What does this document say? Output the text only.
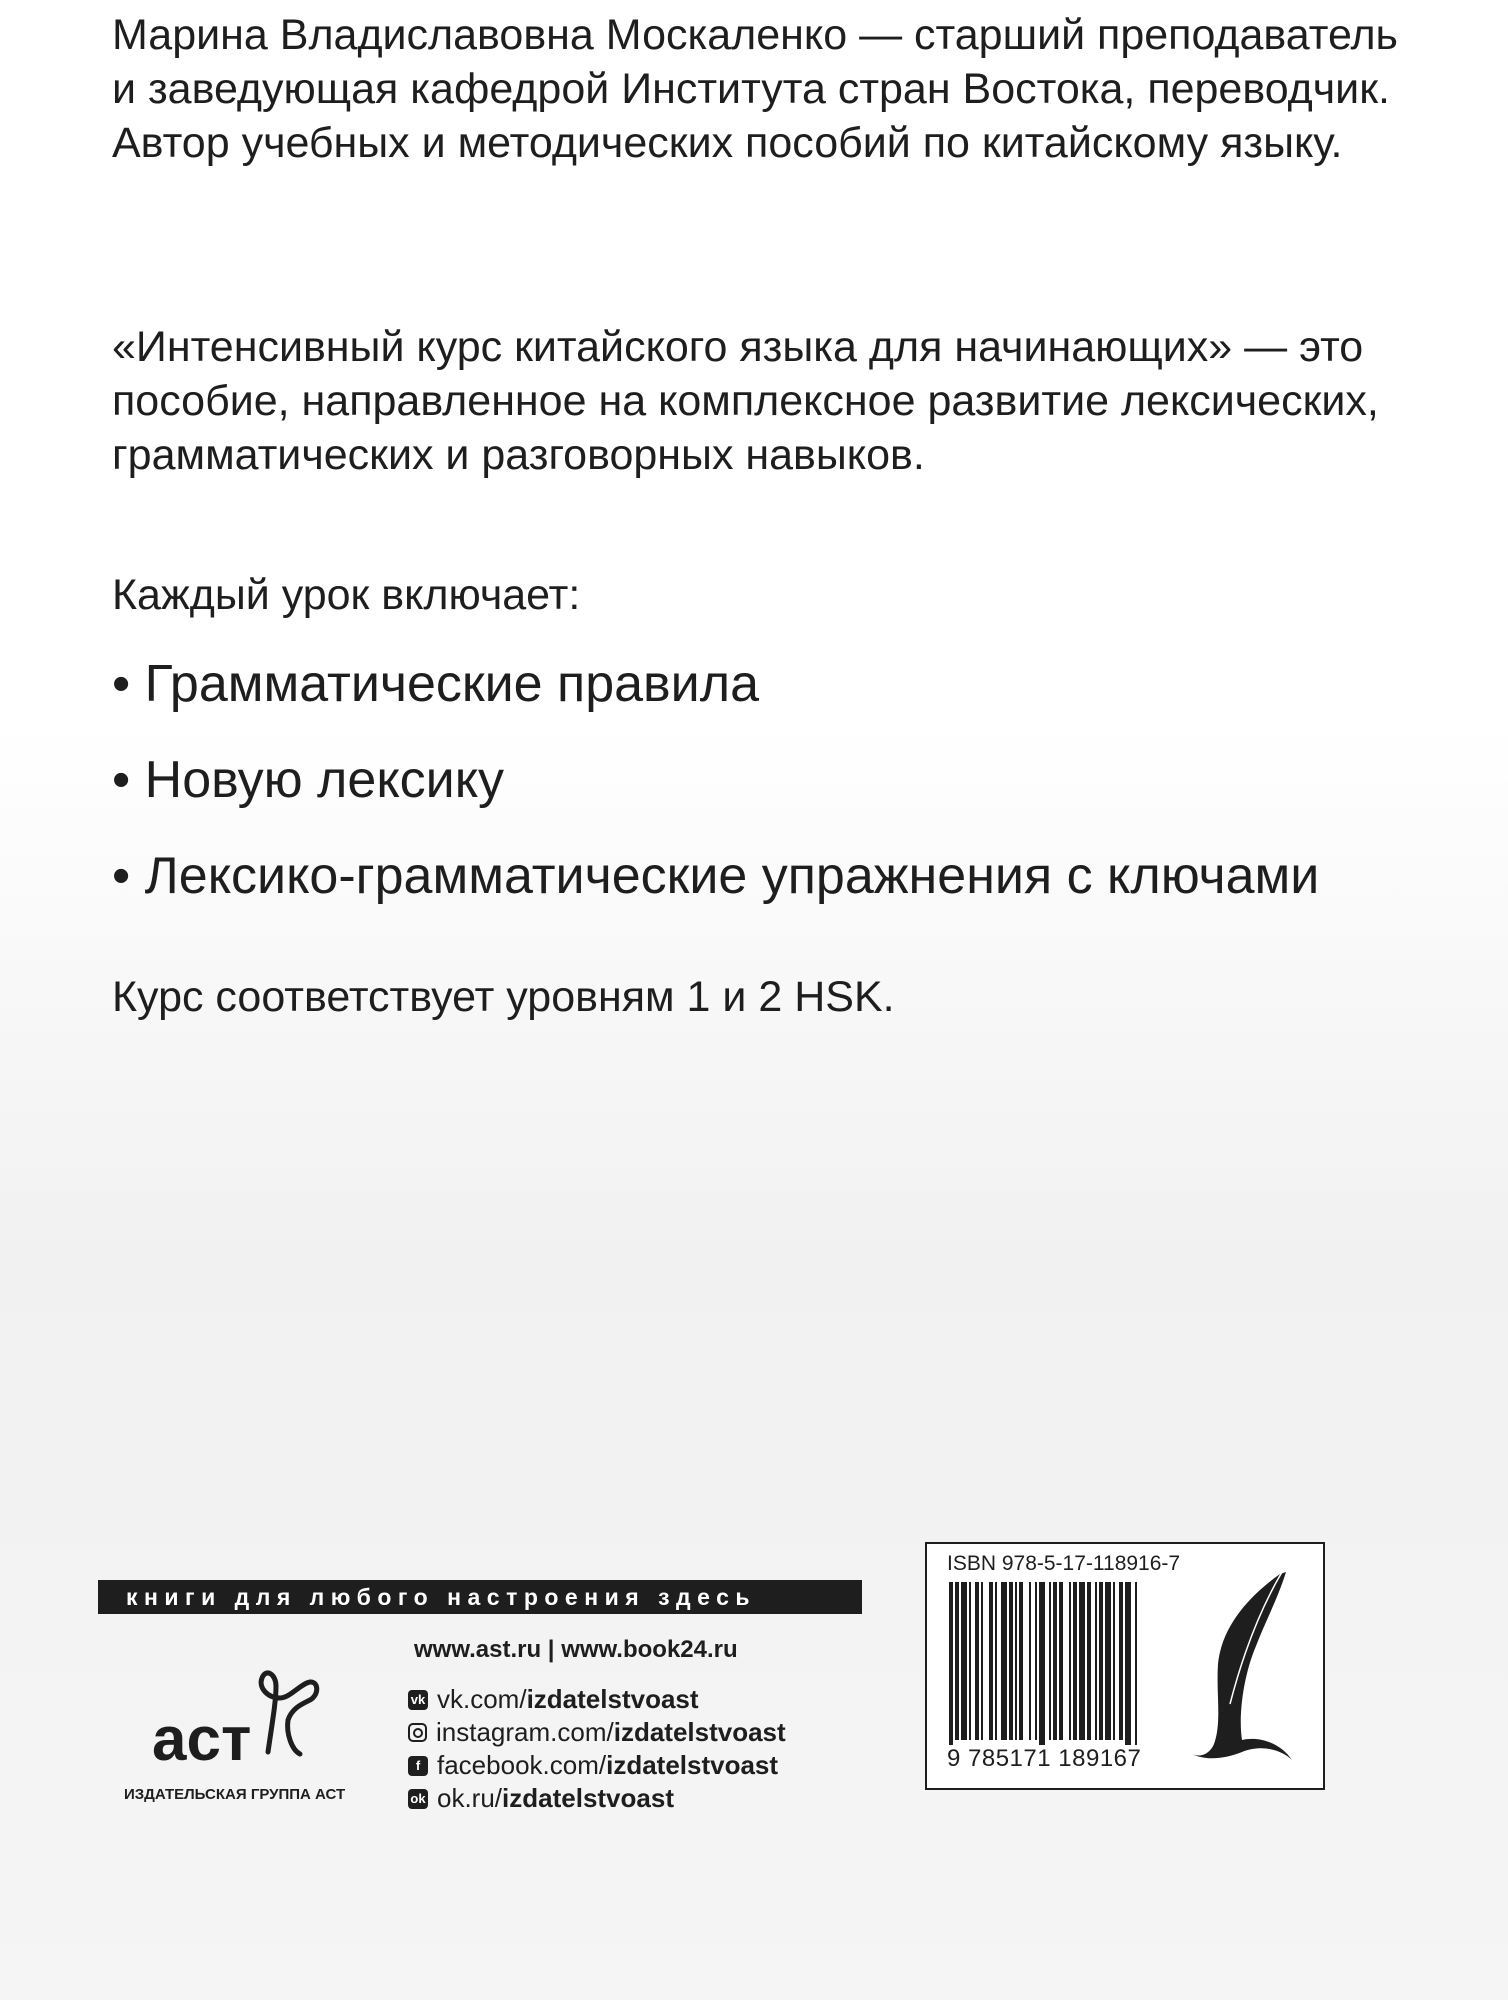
Марина Владиславовна Москаленко — старший преподаватель и заведующая кафедрой Института стран Востока, переводчик. Автор учебных и методических пособий по китайскому языку.

«Интенсивный курс китайского языка для начинающих» — это пособие, направленное на комплексное развитие лексических, грамматических и разговорных навыков.

Каждый урок включает:

• Грамматические правила
• Новую лексику
• Лексико-грамматические упражнения с ключами

Курс соответствует уровням 1 и 2 HSK.

книги для любого настроения здесь
аст
ИЗДАТЕЛЬСКАЯ ГРУППА АСТ
www.ast.ru | www.book24.ru
vk vk.com/ izdatelstvoast
instagram.com/ izdatelstvoast
f facebook.com/ izdatelstvoast
ok ok.ru/ izdatelstvoast
ISBN 978-5-17-118916-7
9 785171 189167
